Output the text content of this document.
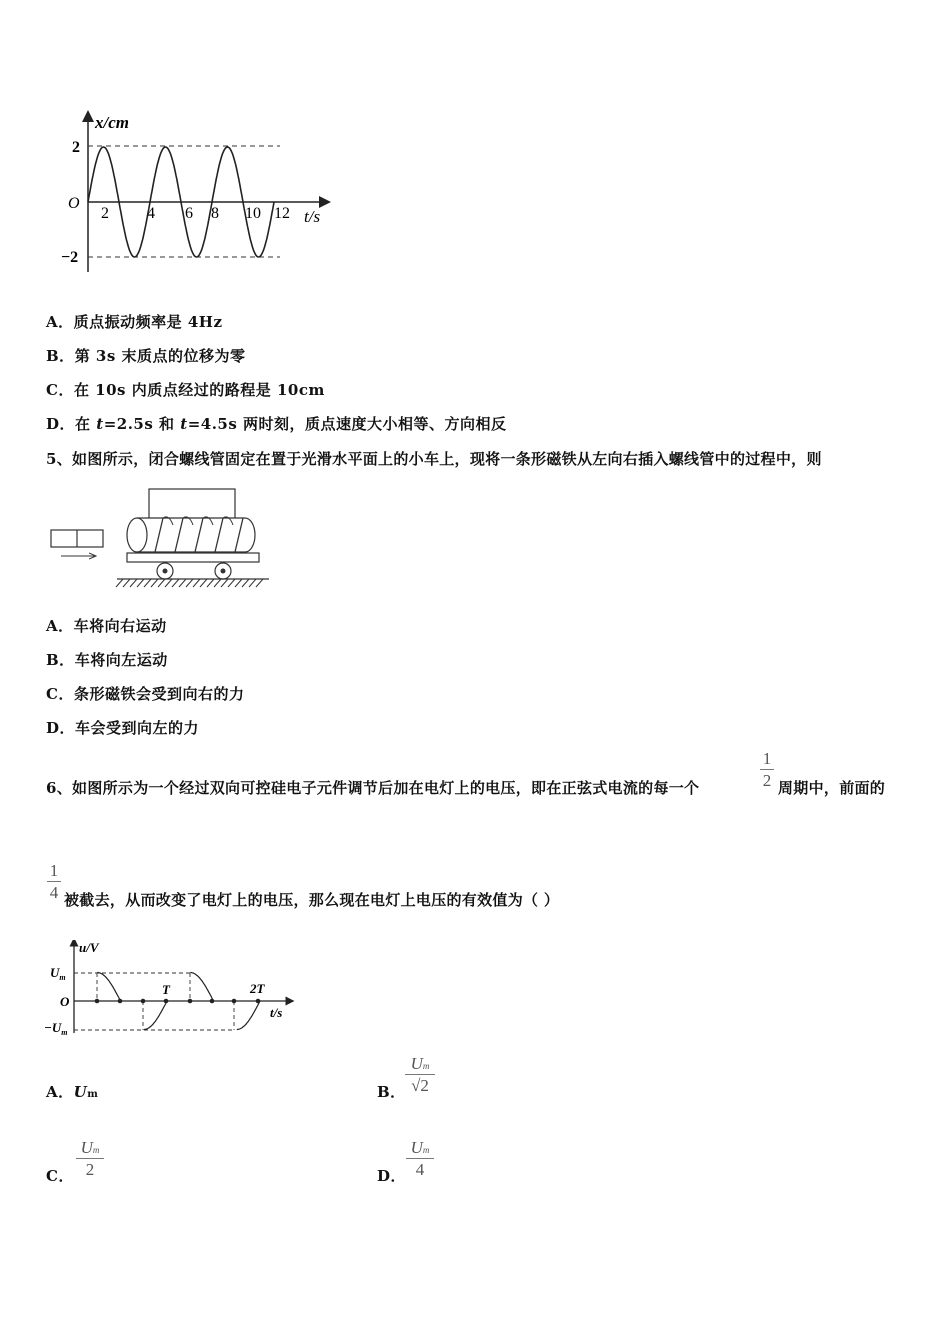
x/cm
O
2
−2
2 4 6 8 10 12 t/s
A．质点振动频率是 4Hz
B．第 3s 末质点的位移为零
C．在 10s 内质点经过的路程是 10cm
D．在 t=2.5s 和 t=4.5s 两时刻，质点速度大小相等、方向相反
5、如图所示，闭合螺线管固定在置于光滑水平面上的小车上，现将一条形磁铁从左向右插入螺线管中的过程中，则
A．车将向右运动
B．车将向左运动
C．条形磁铁会受到向右的力
D．车会受到向左的力
6、如图所示为一个经过双向可控硅电子元件调节后加在电灯上的电压，即在正弦式电流的每一个
1
2 周期中，前面的
1
4 被截去，从而改变了电灯上的电压，那么现在电灯上电压的有效值为（ ）
u/V
$U_m$
O
$-U_m$
T	2T
t/s
A．Um	B．
Um
√2
C．
Um
2	D．
Um
4
